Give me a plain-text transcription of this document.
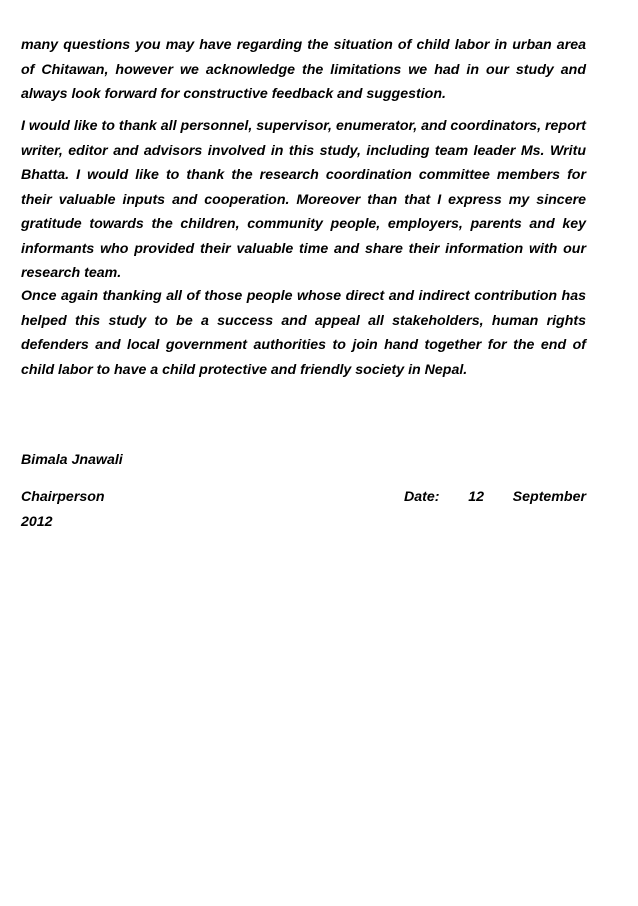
many questions you may have regarding the situation of child labor in urban area of Chitawan, however we acknowledge the limitations we had in our study and always look forward for constructive feedback and suggestion.

I would like to thank all personnel, supervisor, enumerator, and coordinators, report writer, editor and advisors involved in this study, including team leader Ms. Writu Bhatta. I would like to thank the research coordination committee members for their valuable inputs and cooperation. Moreover than that I express my sincere gratitude towards the children, community people, employers, parents and key informants who provided their valuable time and share their information with our research team.

Once again thanking all of those people whose direct and indirect contribution has helped this study to be a success and appeal all stakeholders, human rights defenders and local government authorities to join hand together for the end of child labor to have a child protective and friendly society in Nepal.

Bimala Jnawali

Chairperson	Date: 12 September
2012
